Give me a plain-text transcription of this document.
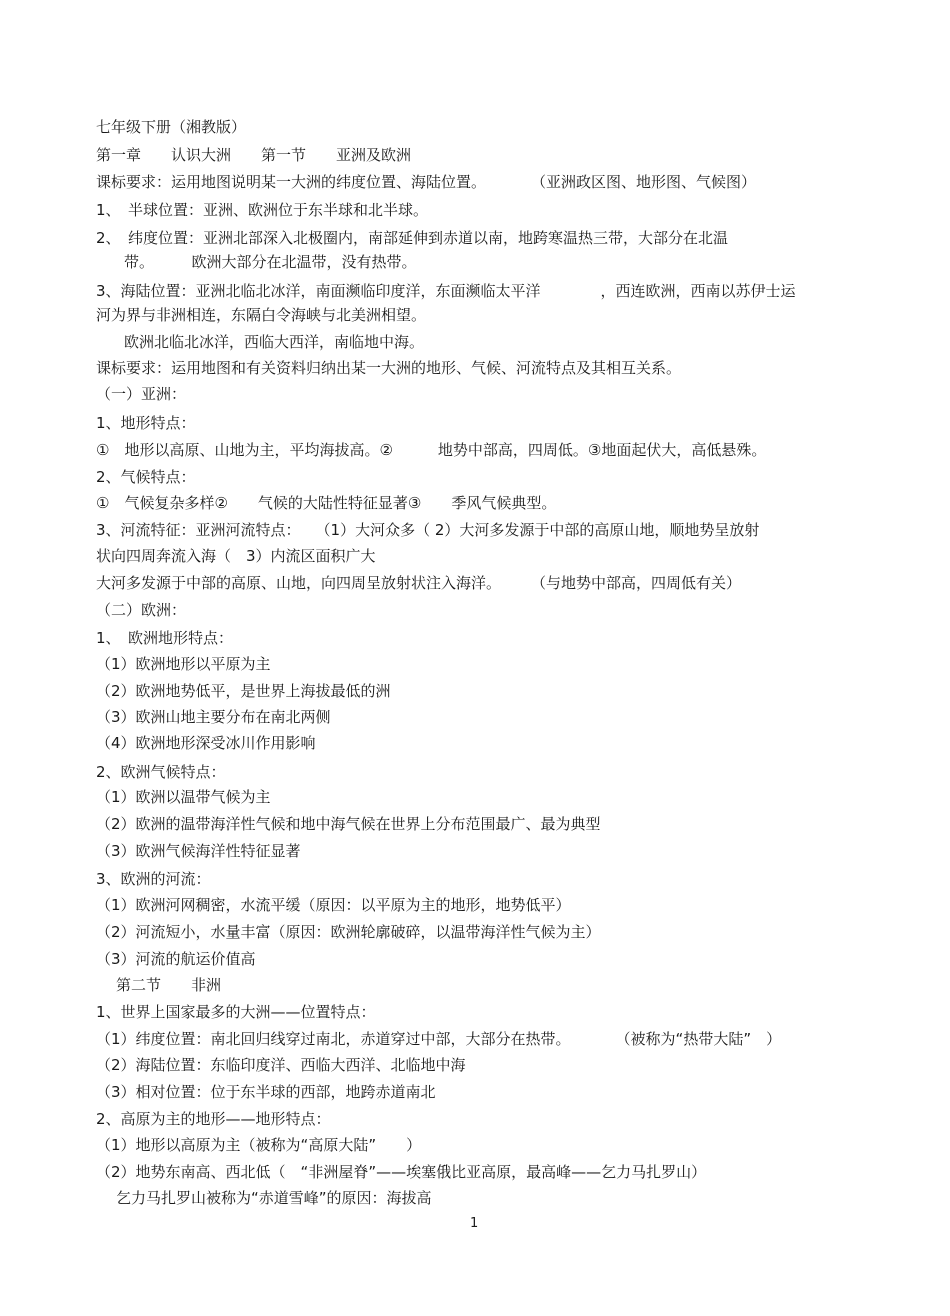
七年级下册（湘教版）
第一章　　认识大洲　　第一节　　亚洲及欧洲
课标要求：运用地图说明某一大洲的纬度位置、海陆位置。　　　　（亚洲政区图、地形图、气候图）
1、　半球位置：亚洲、欧洲位于东半球和北半球。
2、　纬度位置：亚洲北部深入北极圈内，南部延伸到赤道以南，地跨寒温热三带，大部分在北温
带。　　　欧洲大部分在北温带，没有热带。
3、海陆位置：亚洲北临北冰洋，南面濒临印度洋，东面濒临太平洋　　　　，西连欧洲，西南以苏伊士运
河为界与非洲相连，东隔白令海峡与北美洲相望。
欧洲北临北冰洋，西临大西洋，南临地中海。
课标要求：运用地图和有关资料归纳出某一大洲的地形、气候、河流特点及其相互关系。
（一）亚洲：
1、地形特点：
①　地形以高原、山地为主，平均海拔高。②　　　地势中部高，四周低。③地面起伏大，高低悬殊。
2、气候特点：
①　气候复杂多样②　　气候的大陆性特征显著③　　季风气候典型。
3、河流特征：亚洲河流特点：　　（1）大河众多（ 2）大河多发源于中部的高原山地，顺地势呈放射
状向四周奔流入海（　3）内流区面积广大
大河多发源于中部的高原、山地，向四周呈放射状注入海洋。　　　（与地势中部高，四周低有关）
（二）欧洲：
1、　欧洲地形特点：
（1）欧洲地形以平原为主
（2）欧洲地势低平，是世界上海拔最低的洲
（3）欧洲山地主要分布在南北两侧
（4）欧洲地形深受冰川作用影响
2、欧洲气候特点：
（1）欧洲以温带气候为主
（2）欧洲的温带海洋性气候和地中海气候在世界上分布范围最广、最为典型
（3）欧洲气候海洋性特征显著
3、欧洲的河流：
（1）欧洲河网稠密，水流平缓（原因：以平原为主的地形，地势低平）
（2）河流短小，水量丰富（原因：欧洲轮廓破碎，以温带海洋性气候为主）
（3）河流的航运价值高
第二节　　非洲
1、世界上国家最多的大洲——位置特点：
（1）纬度位置：南北回归线穿过南北，赤道穿过中部，大部分在热带。　　　　（被称为“热带大陆”　）
（2）海陆位置：东临印度洋、西临大西洋、北临地中海
（3）相对位置：位于东半球的西部，地跨赤道南北
2、高原为主的地形——地形特点：
（1）地形以高原为主（被称为“高原大陆”　　）
（2）地势东南高、西北低（　“非洲屋脊”——埃塞俄比亚高原，最高峰——乞力马扎罗山）
乞力马扎罗山被称为“赤道雪峰”的原因：海拔高
1
